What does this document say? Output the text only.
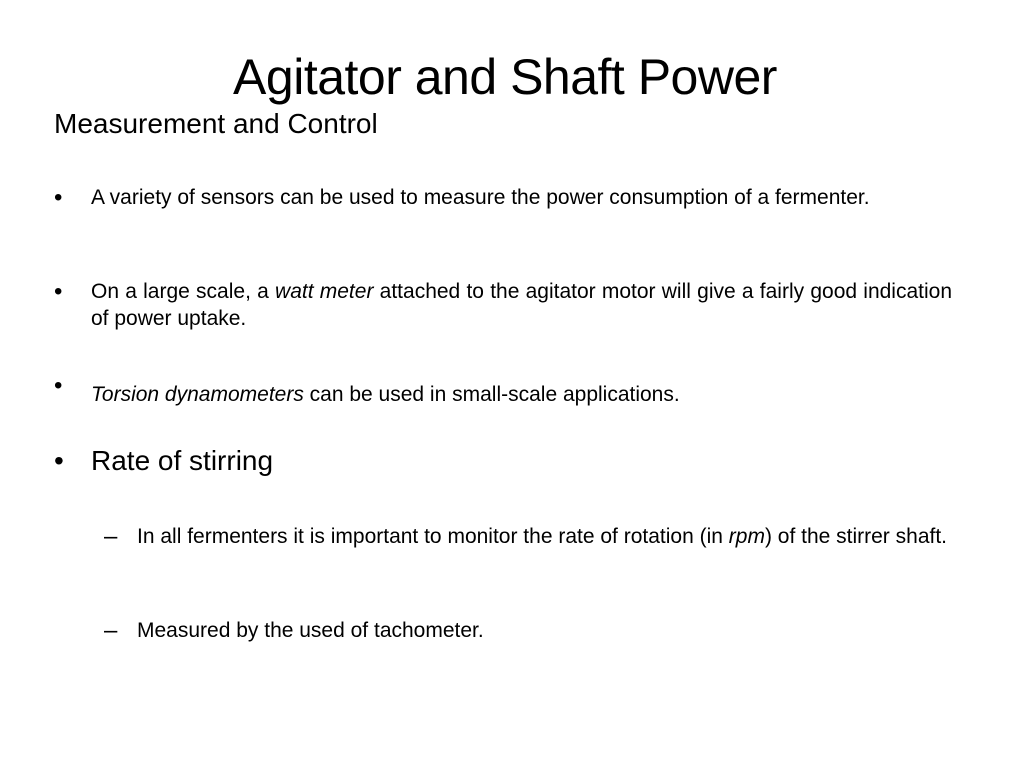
Agitator and Shaft Power
Measurement and Control
• A variety of sensors can be used to measure the power consumption of a fermenter.
• On a large scale, a watt meter attached to the agitator motor will give a fairly good indication of power uptake.
• Torsion dynamometers can be used in small-scale applications.
• Rate of stirring
– In all fermenters it is important to monitor the rate of rotation (in rpm) of the stirrer shaft.
– Measured by the used of tachometer.
